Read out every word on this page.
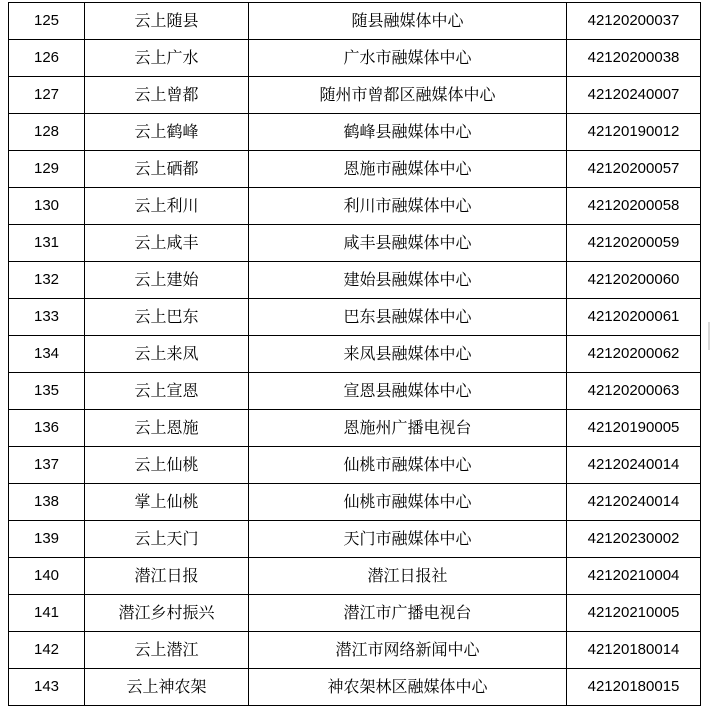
125	云上随县	随县融媒体中心	42120200037
126	云上广水	广水市融媒体中心	42120200038
127	云上曾都	随州市曾都区融媒体中心	42120240007
128	云上鹤峰	鹤峰县融媒体中心	42120190012
129	云上硒都	恩施市融媒体中心	42120200057
130	云上利川	利川市融媒体中心	42120200058
131	云上咸丰	咸丰县融媒体中心	42120200059
132	云上建始	建始县融媒体中心	42120200060
133	云上巴东	巴东县融媒体中心	42120200061
134	云上来凤	来凤县融媒体中心	42120200062
135	云上宣恩	宣恩县融媒体中心	42120200063
136	云上恩施	恩施州广播电视台	42120190005
137	云上仙桃	仙桃市融媒体中心	42120240014
138	掌上仙桃	仙桃市融媒体中心	42120240014
139	云上天门	天门市融媒体中心	42120230002
140	潜江日报	潜江日报社	42120210004
141	潜江乡村振兴	潜江市广播电视台	42120210005
142	云上潜江	潜江市网络新闻中心	42120180014
143	云上神农架	神农架林区融媒体中心	42120180015
